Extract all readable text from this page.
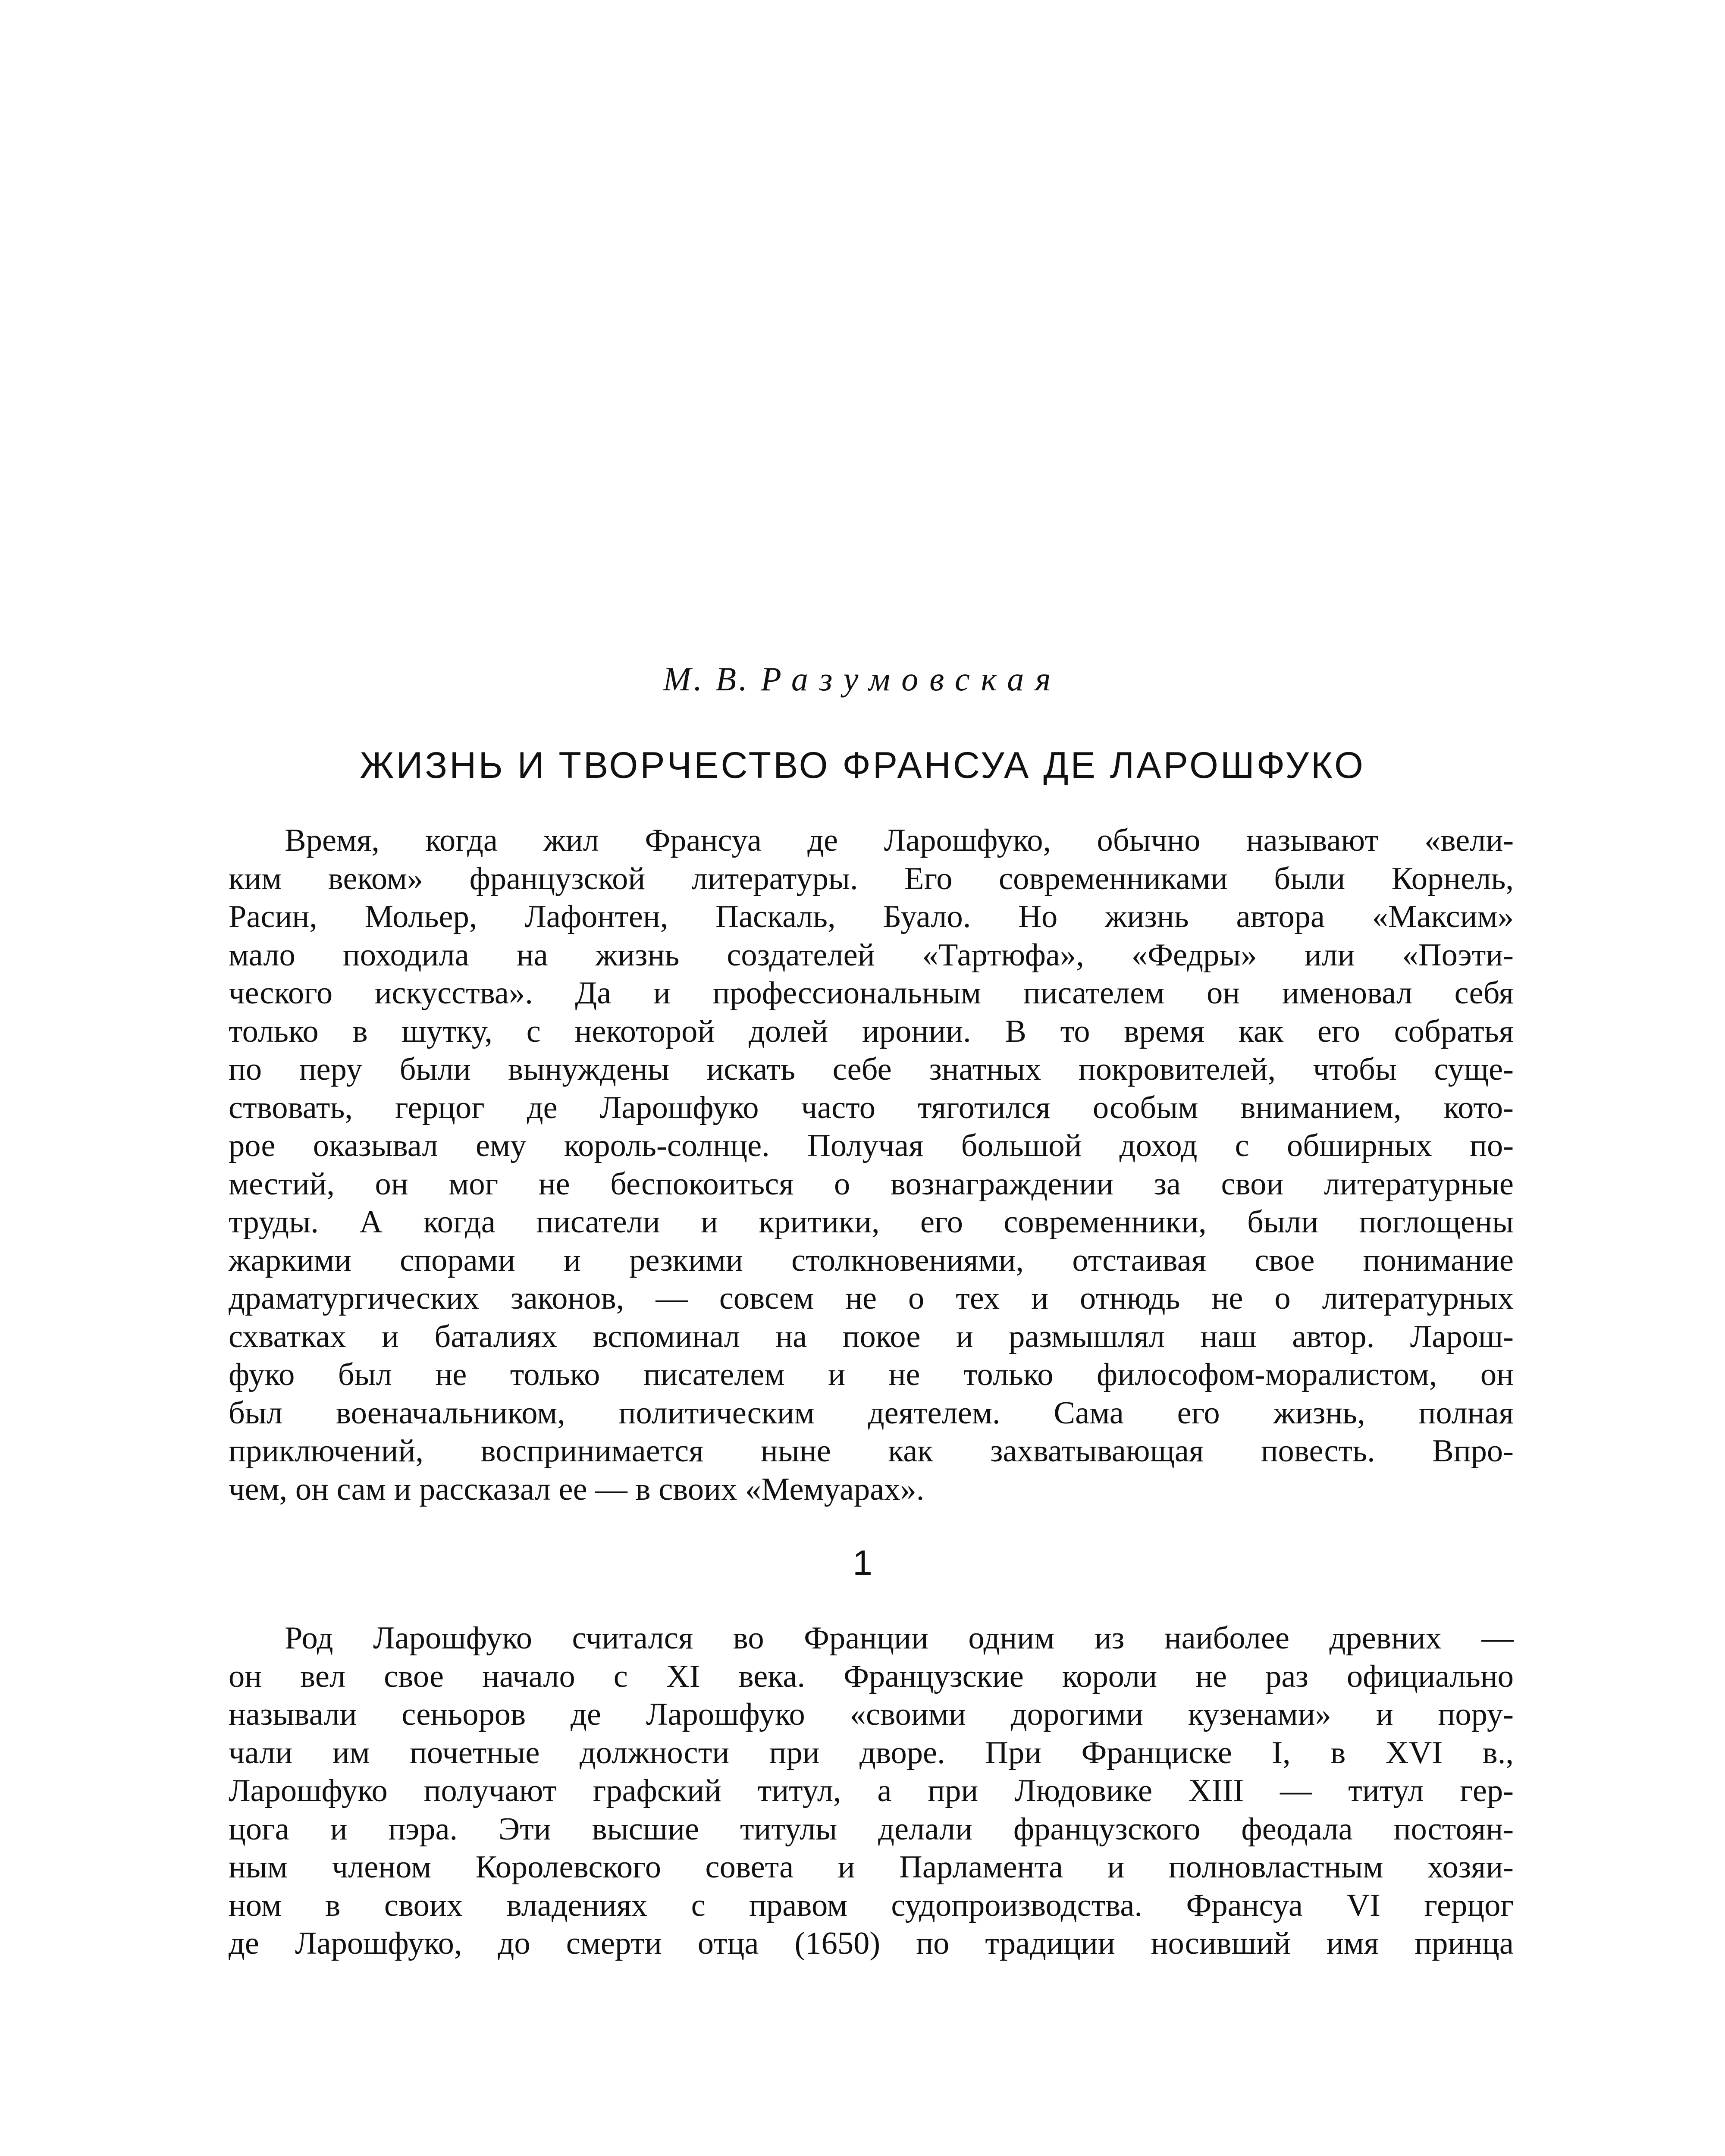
М. В. Разумовская
ЖИЗНЬ И ТВОРЧЕСТВО ФРАНСУА ДЕ ЛАРОШФУКО
Время, когда жил Франсуа де Ларошфуко, обычно называют «вели-
ким веком» французской литературы. Его современниками были Корнель,
Расин, Мольер, Лафонтен, Паскаль, Буало. Но жизнь автора «Максим»
мало походила на жизнь создателей «Тартюфа», «Федры» или «Поэти-
ческого искусства». Да и профессиональным писателем он именовал себя
только в шутку, с некоторой долей иронии. В то время как его собратья
по перу были вынуждены искать себе знатных покровителей, чтобы суще-
ствовать, герцог де Ларошфуко часто тяготился особым вниманием, кото-
рое оказывал ему король-солнце. Получая большой доход с обширных по-
местий, он мог не беспокоиться о вознаграждении за свои литературные
труды. А когда писатели и критики, его современники, были поглощены
жаркими спорами и резкими столкновениями, отстаивая свое понимание
драматургических законов, — совсем не о тех и отнюдь не о литературных
схватках и баталиях вспоминал на покое и размышлял наш автор. Ларош-
фуко был не только писателем и не только философом-моралистом, он
был военачальником, политическим деятелем. Сама его жизнь, полная
приключений, воспринимается ныне как захватывающая повесть. Впро-
чем, он сам и рассказал ее — в своих «Мемуарах».
1
Род Ларошфуко считался во Франции одним из наиболее древних —
он вел свое начало с XI века. Французские короли не раз официально
называли сеньоров де Ларошфуко «своими дорогими кузенами» и пору-
чали им почетные должности при дворе. При Франциске I, в XVI в.,
Ларошфуко получают графский титул, а при Людовике XIII — титул гер-
цога и пэра. Эти высшие титулы делали французского феодала постоян-
ным членом Королевского совета и Парламента и полновластным хозяи-
ном в своих владениях с правом судопроизводства. Франсуа VI герцог
де Ларошфуко, до смерти отца (1650) по традиции носивший имя принца
